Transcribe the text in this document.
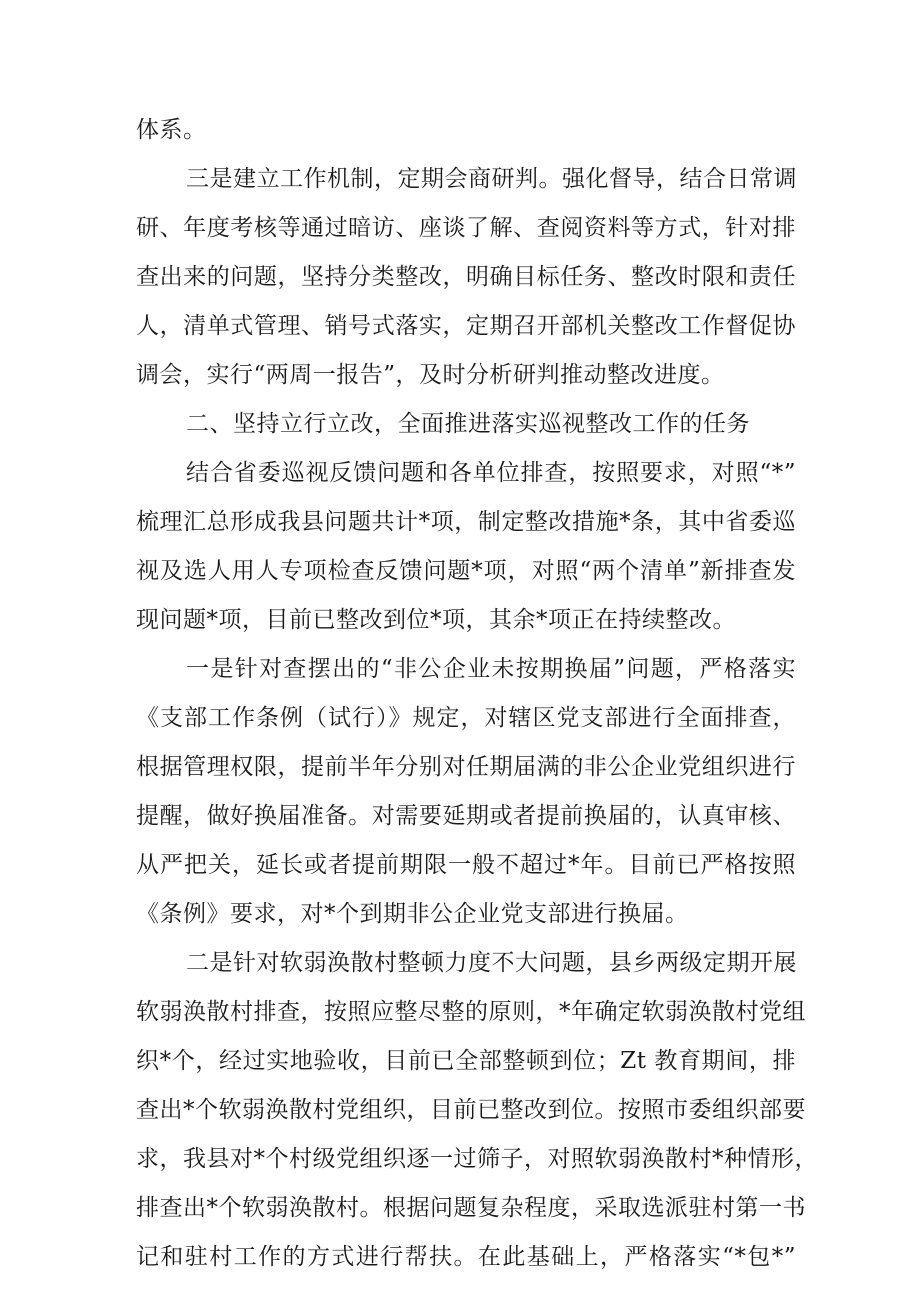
体系。
三是建立工作机制，定期会商研判。强化督导，结合日常调
研、年度考核等通过暗访、座谈了解、查阅资料等方式，针对排
查出来的问题，坚持分类整改，明确目标任务、整改时限和责任
人，清单式管理、销号式落实，定期召开部机关整改工作督促协
调会，实行“两周一报告”，及时分析研判推动整改进度。
二、坚持立行立改，全面推进落实巡视整改工作的任务
结合省委巡视反馈问题和各单位排查，按照要求，对照“*”
梳理汇总形成我县问题共计*项，制定整改措施*条，其中省委巡
视及选人用人专项检查反馈问题*项，对照“两个清单”新排查发
现问题*项，目前已整改到位*项，其余*项正在持续整改。
一是针对查摆出的“非公企业未按期换届”问题，严格落实
《支部工作条例（试行）》规定，对辖区党支部进行全面排查，
根据管理权限，提前半年分别对任期届满的非公企业党组织进行
提醒，做好换届准备。对需要延期或者提前换届的，认真审核、
从严把关，延长或者提前期限一般不超过*年。目前已严格按照
《条例》要求，对*个到期非公企业党支部进行换届。
二是针对软弱涣散村整顿力度不大问题，县乡两级定期开展
软弱涣散村排查，按照应整尽整的原则，*年确定软弱涣散村党组
织*个，经过实地验收，目前已全部整顿到位；Zt 教育期间，排
查出*个软弱涣散村党组织，目前已整改到位。按照市委组织部要
求，我县对*个村级党组织逐一过筛子，对照软弱涣散村*种情形，
排查出*个软弱涣散村。根据问题复杂程度，采取选派驻村第一书
记和驻村工作的方式进行帮扶。在此基础上，严格落实“*包*”
